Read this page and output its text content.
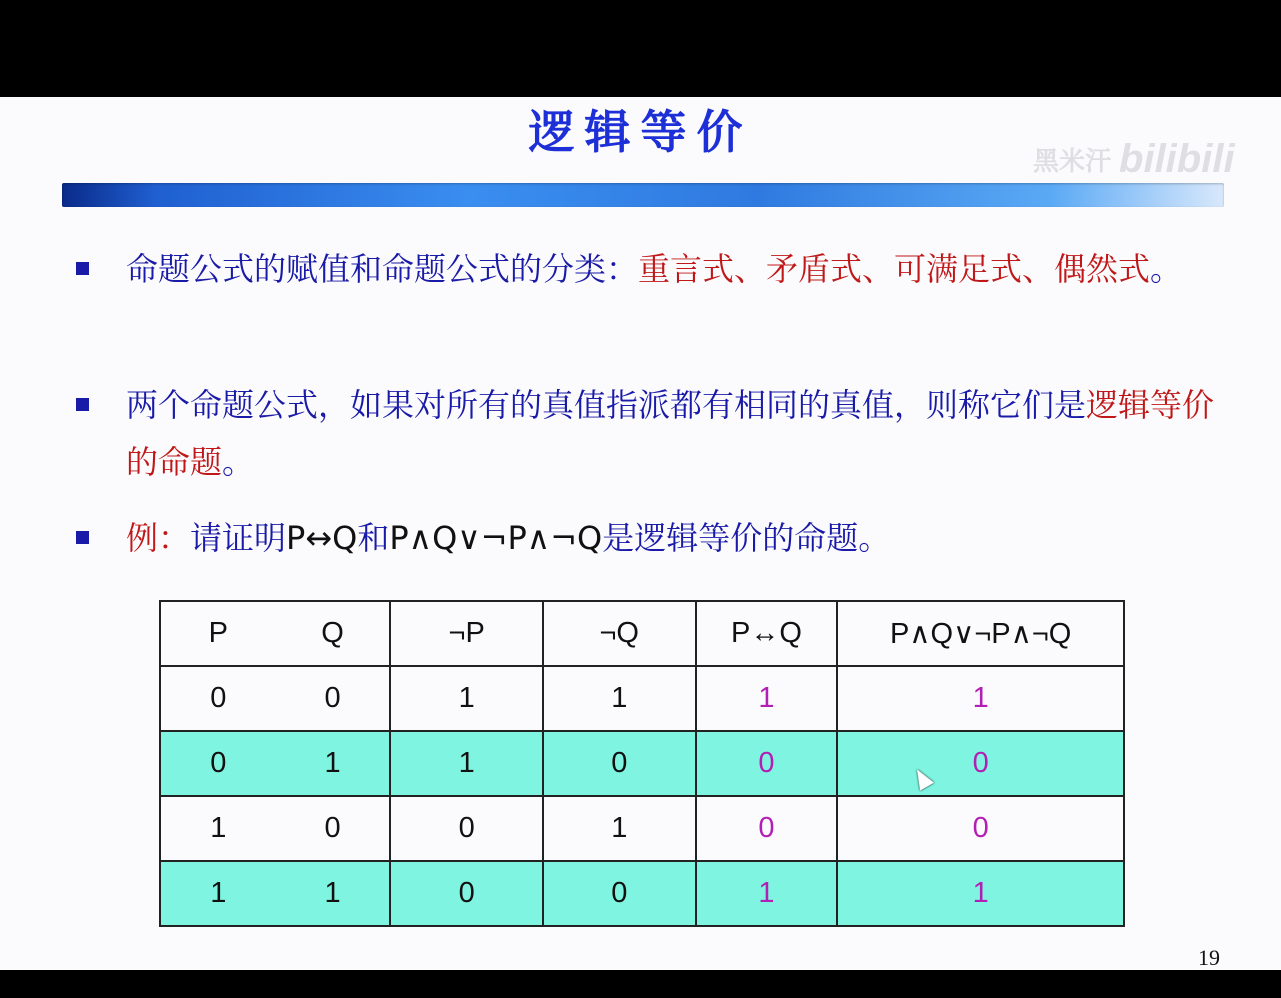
逻辑等价
黑米汗 bilibili
命题公式的赋值和命题公式的分类：重言式、矛盾式、可满足式、偶然式。
两个命题公式，如果对所有的真值指派都有相同的真值，则称它们是逻辑等价的命题。
例：请证明P↔Q和P∧Q∨¬P∧¬Q是逻辑等价的命题。
P	Q	¬P	¬Q	P↔Q	P∧Q∨¬P∧¬Q
0	0	1	1	1	1
0	1	1	0	0	0
1	0	0	1	0	0
1	1	0	0	1	1
19
